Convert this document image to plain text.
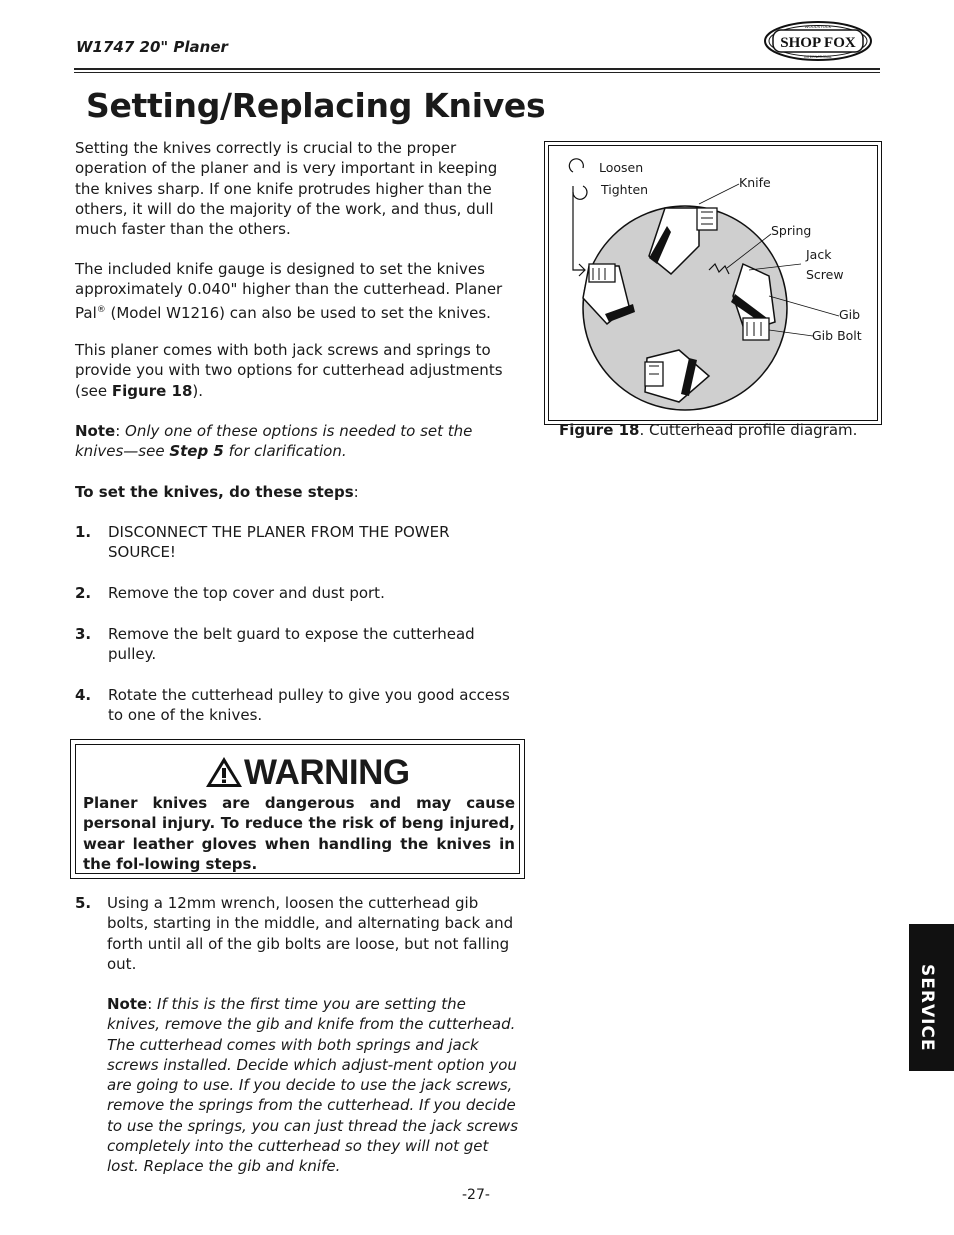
W1747 20" Planer	SHOP FOX
WOODSTOCK
INTERNATIONAL
Setting/Replacing Knives
Setting the knives correctly is crucial to the proper operation of the planer and is very important in keeping the knives sharp. If one knife protrudes higher than the others, it will do the majority of the work, and thus, dull much faster than the others.
The included knife gauge is designed to set the knives approximately 0.040" higher than the cutterhead. Planer Pal® (Model W1216) can also be used to set the knives.
This planer comes with both jack screws and springs to provide you with two options for cutterhead adjustments (see Figure 18).
Note: Only one of these options is needed to set the knives—see Step 5 for clarification.
To set the knives, do these steps:
1. DISCONNECT THE PLANER FROM THE POWER SOURCE!
2. Remove the top cover and dust port.
3. Remove the belt guard to expose the cutterhead pulley.
4. Rotate the cutterhead pulley to give you good access to one of the knives.
WARNING
Planer knives are dangerous and may cause personal injury. To reduce the risk of beng injured, wear leather gloves when handling the knives in the fol-lowing steps.
5. Using a 12mm wrench, loosen the cutterhead gib bolts, starting in the middle, and alternating back and forth until all of the gib bolts are loose, but not falling out.
Note: If this is the first time you are setting the knives, remove the gib and knife from the cutterhead. The cutterhead comes with both springs and jack screws installed. Decide which adjust-ment option you are going to use. If you decide to use the jack screws, remove the springs from the cutterhead. If you decide to use the springs, you can just thread the jack screws completely into the cutterhead so they will not get lost. Replace the gib and knife.
Loosen
Tighten	Knife
Spring
Jack
Screw
Gib
Gib Bolt
Figure 18. Cutterhead profile diagram.
SERVICE
-27-
